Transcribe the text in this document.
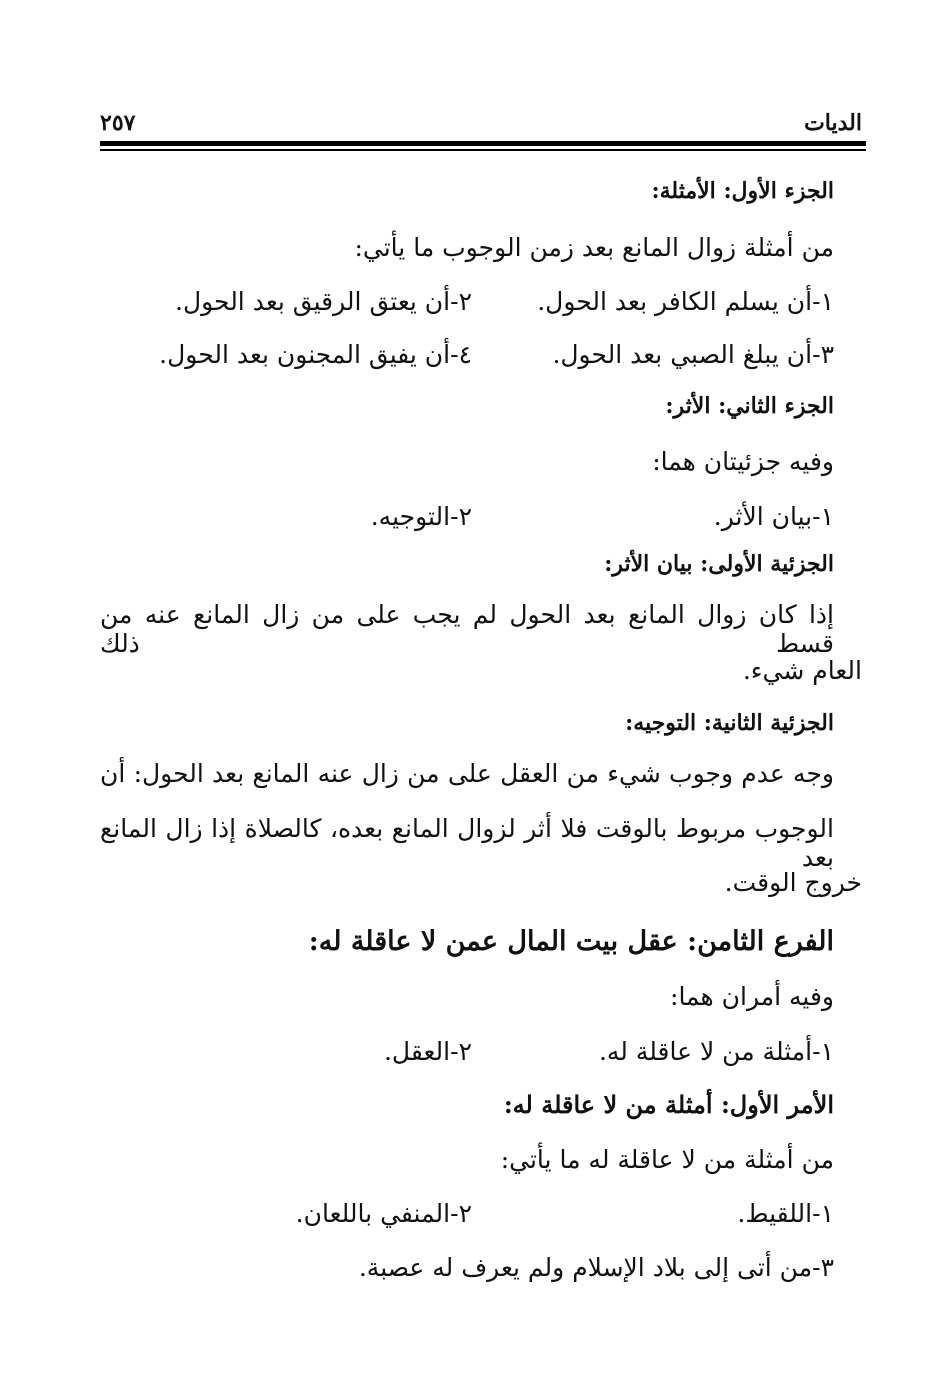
الديات
٢٥٧
الجزء الأول: الأمثلة:
من أمثلة زوال المانع بعد زمن الوجوب ما يأتي:
١-أن يسلم الكافر بعد الحول.
٢-أن يعتق الرقيق بعد الحول.
٣-أن يبلغ الصبي بعد الحول.
٤-أن يفيق المجنون بعد الحول.
الجزء الثاني: الأثر:
وفيه جزئيتان هما:
١-بيان الأثر.
٢-التوجيه.
الجزئية الأولى: بيان الأثر:
إذا كان زوال المانع بعد الحول لم يجب على من زال المانع عنه من قسط ذلك
العام شيء.
الجزئية الثانية: التوجيه:
وجه عدم وجوب شيء من العقل على من زال عنه المانع بعد الحول: أن
الوجوب مربوط بالوقت فلا أثر لزوال المانع بعده، كالصلاة إذا زال المانع بعد
خروج الوقت.
الفرع الثامن: عقل بيت المال عمن لا عاقلة له:
وفيه أمران هما:
١-أمثلة من لا عاقلة له.
٢-العقل.
الأمر الأول: أمثلة من لا عاقلة له:
من أمثلة من لا عاقلة له ما يأتي:
١-اللقيط.
٢-المنفي باللعان.
٣-من أتى إلى بلاد الإسلام ولم يعرف له عصبة.
